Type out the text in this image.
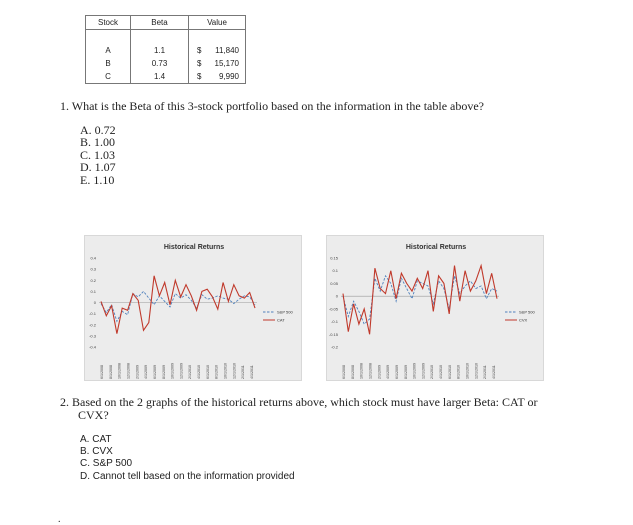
Stock	Beta	Value

A	1.1	$ 11,840

B	0.73	$ 15,170

C	1.4	$ 9,990

1. What is the Beta of this 3-stock portfolio based on the information in the table above?

A. 0.72
B. 1.00
C. 1.03
D. 1.07
E. 1.10
Historical Returns
0.4
0.3
0.2
0.1
0
-0.1
-0.2
-0.3
-0.4
6/1/2008 8/1/2008 10/1/2008 12/1/2008 2/1/2009 4/1/2009 6/1/2009 8/1/2009 10/1/2009 12/1/2009 2/1/2010 4/1/2010 6/1/2010 8/1/2010 10/1/2010 12/1/2010 2/1/2011 4/1/2011
S&P 500
CAT
Historical Returns
0.15
0.1
0.05
0
-0.05
-0.1
-0.15
-0.2
6/1/2008 8/1/2008 10/1/2008 12/1/2008 2/1/2009 4/1/2009 6/1/2009 8/1/2009 10/1/2009 12/1/2009 2/1/2010 4/1/2010 6/1/2010 8/1/2010 10/1/2010 12/1/2010 2/1/2011 4/1/2011
S&P 500
CVX

2. Based on the 2 graphs of the historical returns above, which stock must have larger Beta: CAT or

CVX?

A. CAT
B. CVX
C. S&P 500
D. Cannot tell based on the information provided
.
